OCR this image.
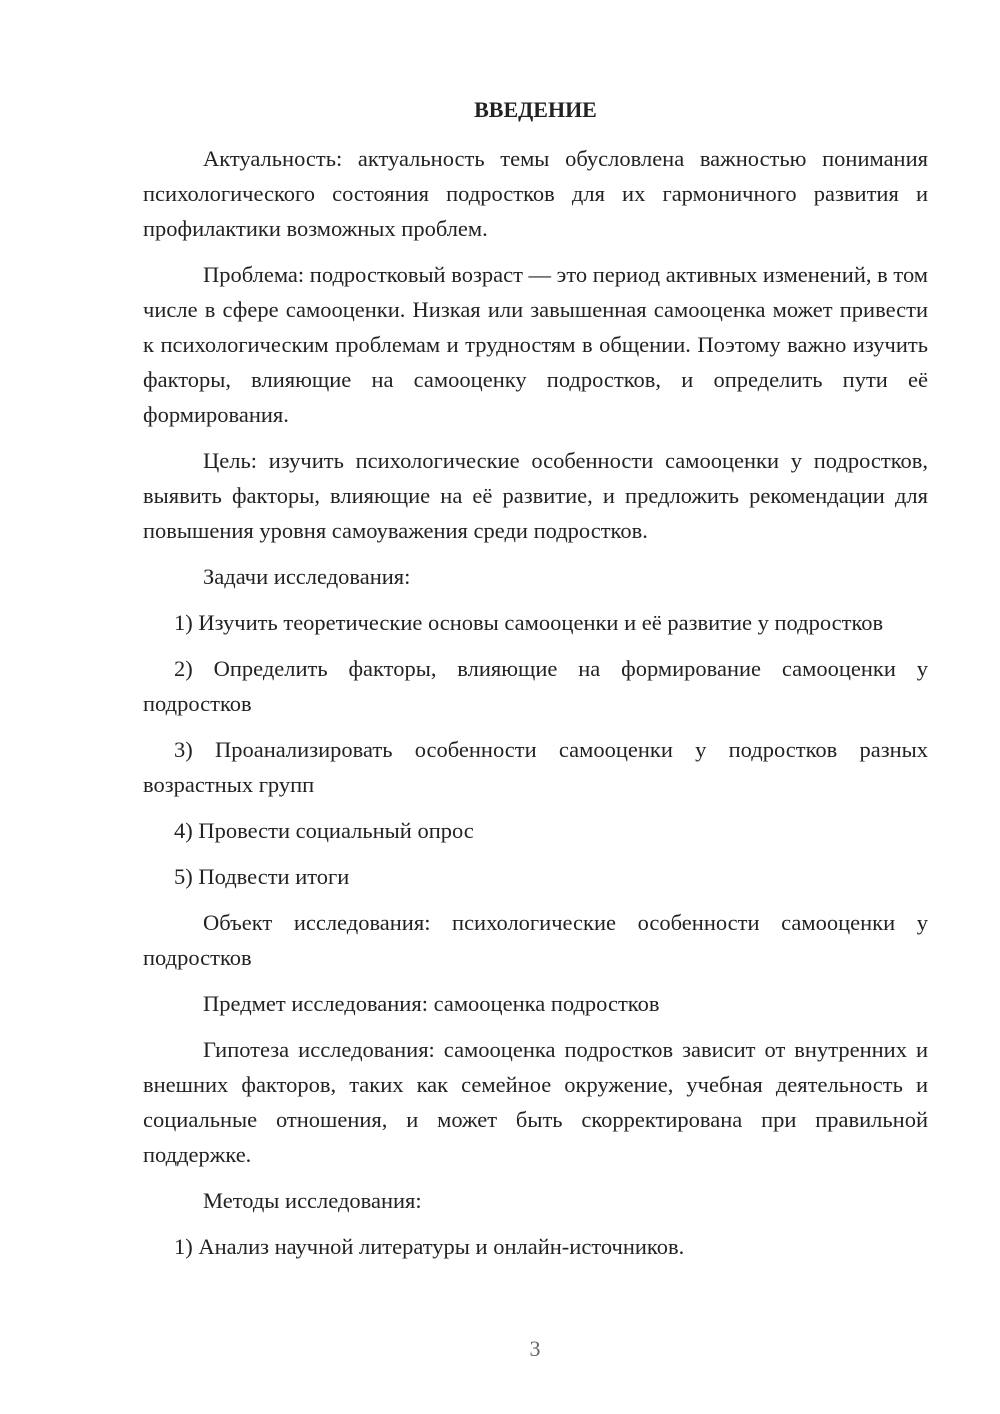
ВВЕДЕНИЕ

Актуальность: актуальность темы обусловлена важностью понимания психологического состояния подростков для их гармоничного развития и профилактики возможных проблем.

Проблема: подростковый возраст — это период активных изменений, в том числе в сфере самооценки. Низкая или завышенная самооценка может привести к психологическим проблемам и трудностям в общении. Поэтому важно изучить факторы, влияющие на самооценку подростков, и определить пути её формирования.

Цель: изучить психологические особенности самооценки у подростков, выявить факторы, влияющие на её развитие, и предложить рекомендации для повышения уровня самоуважения среди подростков.

Задачи исследования:

1) Изучить теоретические основы самооценки и её развитие у подростков

2) Определить факторы, влияющие на формирование самооценки у подростков

3) Проанализировать особенности самооценки у подростков разных возрастных групп

4) Провести социальный опрос

5) Подвести итоги

Объект исследования: психологические особенности самооценки у подростков

Предмет исследования: самооценка подростков

Гипотеза исследования: самооценка подростков зависит от внутренних и внешних факторов, таких как семейное окружение, учебная деятельность и социальные отношения, и может быть скорректирована при правильной поддержке.

Методы исследования:

1) Анализ научной литературы и онлайн-источников.

3
